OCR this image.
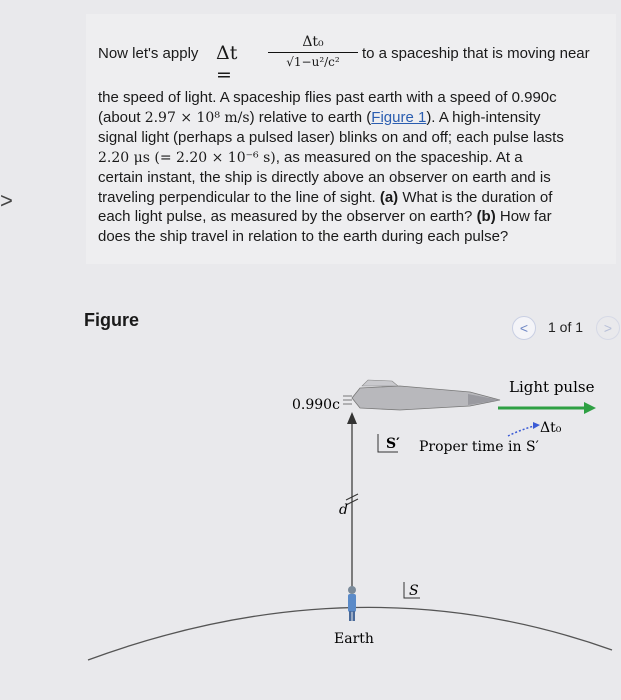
>
Now let's apply Δt =
$\frac{\text{Δt₀}}{\text{√1−u²/c²}}$ to a spaceship that is moving near
the speed of light. A spaceship flies past earth with a speed of 0.990c
(about 2.97 × 10⁸ m/s) relative to earth (Figure 1). A high-intensity
signal light (perhaps a pulsed laser) blinks on and off; each pulse lasts
2.20 μs (= 2.20 × 10⁻⁶ s), as measured on the spaceship. At a
certain instant, the ship is directly above an observer on earth and is
traveling perpendicular to the line of sight. (a) What is the duration of
each light pulse, as measured by the observer on earth? (b) How far
does the ship travel in relation to the earth during each pulse?
Figure	<	1 of 1	>
0.990c
Light pulse
Δt₀
S′ Proper time in S′
d
S
Earth
